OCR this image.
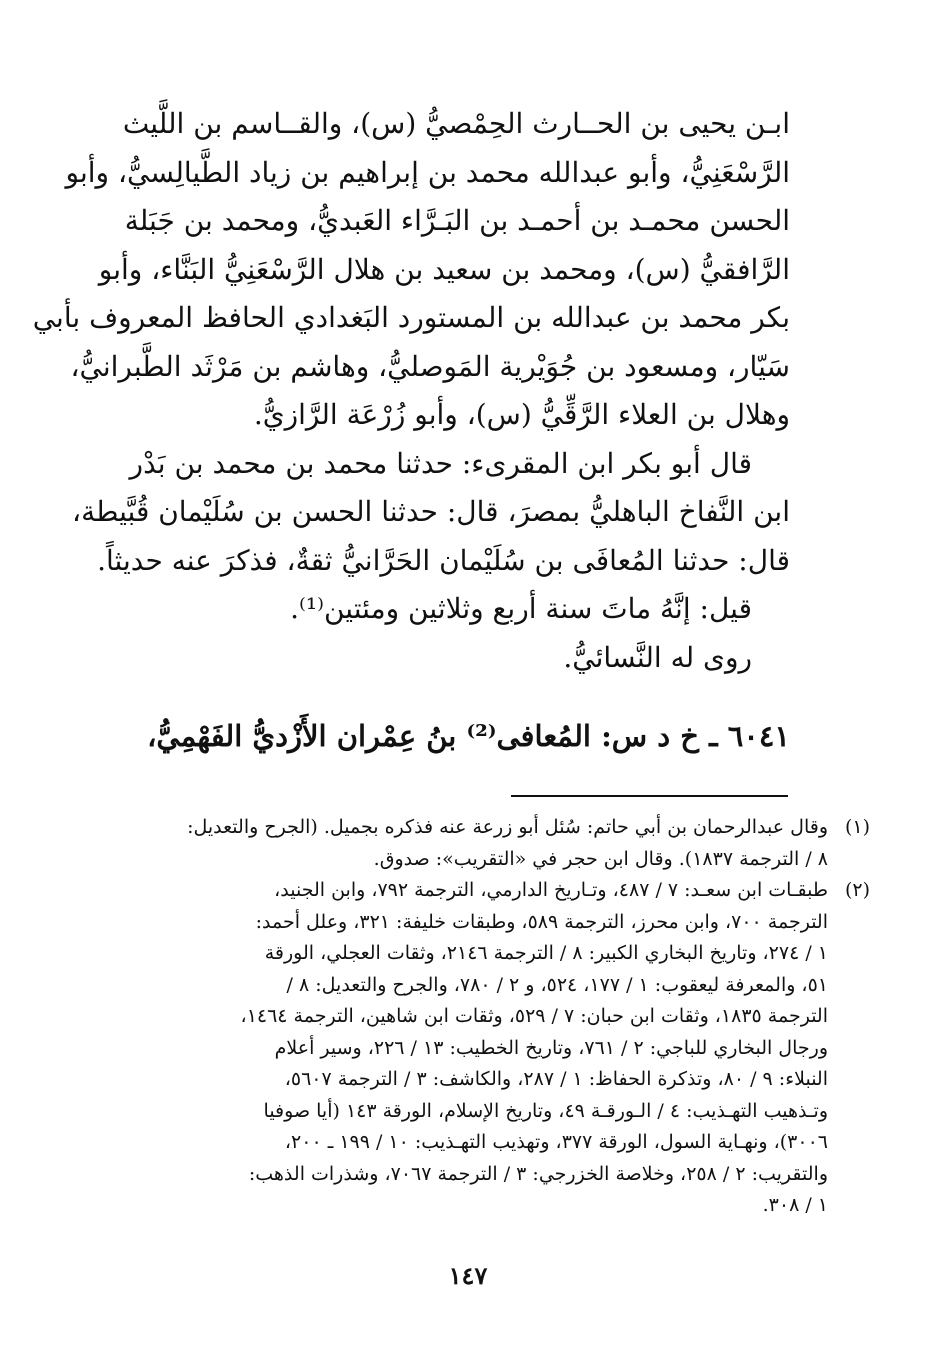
ابـن يحيى بن الحــارث الحِمْصيُّ (س)، والقــاسم بن اللَّيث
الرَّسْعَنِيُّ، وأبو عبدالله محمد بن إبراهيم بن زياد الطَّيالِسيُّ، وأبو
الحسن محمـد بن أحمـد بن البَـرَّاء العَبديُّ، ومحمد بن جَبَلة
الرَّافقيُّ (س)، ومحمد بن سعيد بن هلال الرَّسْعَنِيُّ البَنَّاء، وأبو
بكر محمد بن عبدالله بن المستورد البَغدادي الحافظ المعروف بأبي
سَيّار، ومسعود بن جُوَيْرية المَوصليُّ، وهاشم بن مَرْثَد الطَّبرانيُّ،
وهلال بن العلاء الرَّقِّيُّ (س)، وأبو زُرْعَة الرَّازيُّ.
قال أبو بكر ابن المقرىء: حدثنا محمد بن محمد بن بَدْر
ابن النَّفاخ الباهليُّ بمصرَ، قال: حدثنا الحسن بن سُلَيْمان قُبَّيطة،
قال: حدثنا المُعافَى بن سُلَيْمان الحَرَّانيُّ ثقةٌ، فذكرَ عنه حديثاً.
قيل: إنَّهُ ماتَ سنة أربع وثلاثين ومئتين⁽¹⁾.
روى له النَّسائيُّ.
٦٠٤١ ـ خ د س: المُعافى⁽²⁾ بنُ عِمْران الأَزْديُّ الفَهْمِيُّ،
(١)
وقال عبدالرحمان بن أبي حاتم: سُئل أبو زرعة عنه فذكره بجميل. (الجرح والتعديل:
٨ / الترجمة ١٨٣٧). وقال ابن حجر في «التقريب»: صدوق.
(٢)
طبقـات ابن سعـد: ٧ / ٤٨٧، وتـاريخ الدارمي، الترجمة ٧٩٢، وابن الجنيد،
الترجمة ٧٠٠، وابن محرز، الترجمة ٥٨٩، وطبقات خليفة: ٣٢١، وعلل أحمد:
١ / ٢٧٤، وتاريخ البخاري الكبير: ٨ / الترجمة ٢١٤٦، وثقات العجلي، الورقة
٥١، والمعرفة ليعقوب: ١ / ١٧٧، ٥٢٤، و ٢ / ٧٨٠، والجرح والتعديل: ٨ /
الترجمة ١٨٣٥، وثقات ابن حبان: ٧ / ٥٢٩، وثقات ابن شاهين، الترجمة ١٤٦٤،
ورجال البخاري للباجي: ٢ / ٧٦١، وتاريخ الخطيب: ١٣ / ٢٢٦، وسير أعلام
النبلاء: ٩ / ٨٠، وتذكرة الحفاظ: ١ / ٢٨٧، والكاشف: ٣ / الترجمة ٥٦٠٧،
وتـذهيب التهـذيب: ٤ / الـورقـة ٤٩، وتاريخ الإسلام، الورقة ١٤٣ (أيا صوفيا
٣٠٠٦)، ونهـاية السول، الورقة ٣٧٧، وتهذيب التهـذيب: ١٠ / ١٩٩ ـ ٢٠٠،
والتقريب: ٢ / ٢٥٨، وخلاصة الخزرجي: ٣ / الترجمة ٧٠٦٧، وشذرات الذهب:
١ / ٣٠٨.
١٤٧
